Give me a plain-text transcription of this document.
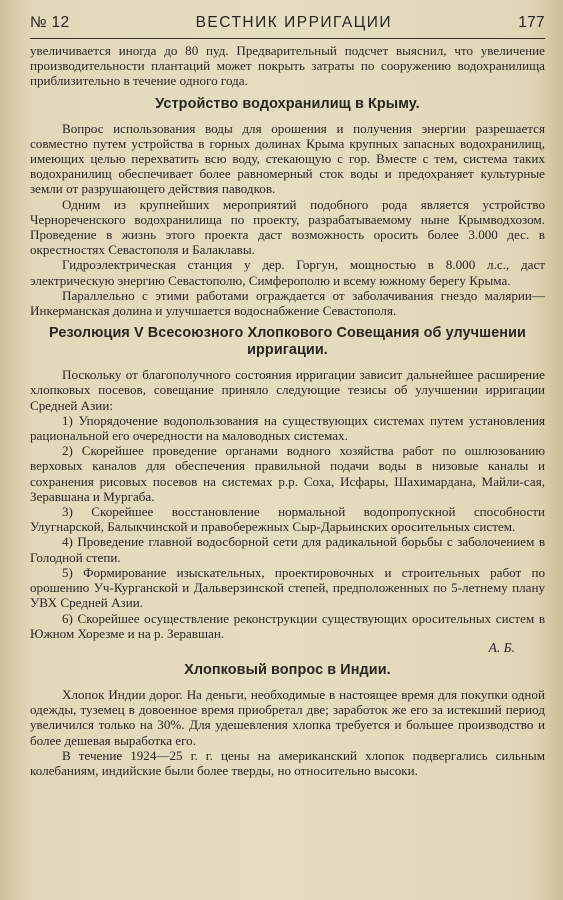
№ 12	ВЕСТНИК ИРРИГАЦИИ	177

увеличивается иногда до 80 пуд. Предварительный подсчет выяснил, что увеличение производительности плантаций может покрыть затраты по сооружению водохранилища приблизительно в течение одного года.

Устройство водохранилищ в Крыму.

Вопрос использования воды для орошения и получения энергии разрешается совместно путем устройства в горных долинах Крыма крупных запасных водохранилищ, имеющих целью перехватить всю воду, стекающую с гор. Вместе с тем, система таких водохранилищ обеспечивает более равномерный сток воды и предохраняет культурные земли от разрушающего действия паводков.

Одним из крупнейших мероприятий подобного рода является устройство Чернореченского водохранилища по проекту, разрабатываемому ныне Крымводхозом. Проведение в жизнь этого проекта даст возможность оросить более 3.000 дес. в окрестностях Севастополя и Балаклавы.

Гидроэлектрическая станция у дер. Горгун, мощностью в 8.000 л.с., даст электрическую энергию Севастополю, Симферополю и всему южному берегу Крыма.

Параллельно с этими работами ограждается от заболачивания гнездо малярии—Инкерманская долина и улучшается водоснабжение Севастополя.

Резолюция V Всесоюзного Хлопкового Совещания об улучшении ирригации.

Поскольку от благополучного состояния ирригации зависит дальнейшее расширение хлопковых посевов, совещание приняло следующие тезисы об улучшении ирригации Средней Азии:

1) Упорядочение водопользования на существующих системах путем установления рациональной его очередности на маловодных системах.

2) Скорейшее проведение органами водного хозяйства работ по ошлюзованию верховых каналов для обеспечения правильной подачи воды в низовые каналы и сохранения рисовых посевов на системах р.р. Соха, Исфары, Шахимардана, Майли-сая, Зеравшана и Мургаба.

3) Скорейшее восстановление нормальной водопропускной способности Улугнарской, Балыкчинской и правобережных Сыр-Дарьинских оросительных систем.

4) Проведение главной водосборной сети для радикальной борьбы с заболочением в Голодной степи.

5) Формирование изыскательных, проектировочных и строительных работ по орошению Уч-Курганской и Дальверзинской степей, предположенных по 5-летнему плану УВХ Средней Азии.

6) Скорейшее осуществление реконструкции существующих оросительных систем в Южном Хорезме и на р. Зеравшан.

А. Б.
Хлопковый вопрос в Индии.

Хлопок Индии дорог. На деньги, необходимые в настоящее время для покупки одной одежды, туземец в довоенное время приобретал две; заработок же его за истекший период увеличился только на 30%. Для удешевления хлопка требуется и большее производство и более дешевая выработка его.

В течение 1924—25 г. г. цены на американский хлопок подвергались сильным колебаниям, индийские были более тверды, но относительно высоки.
